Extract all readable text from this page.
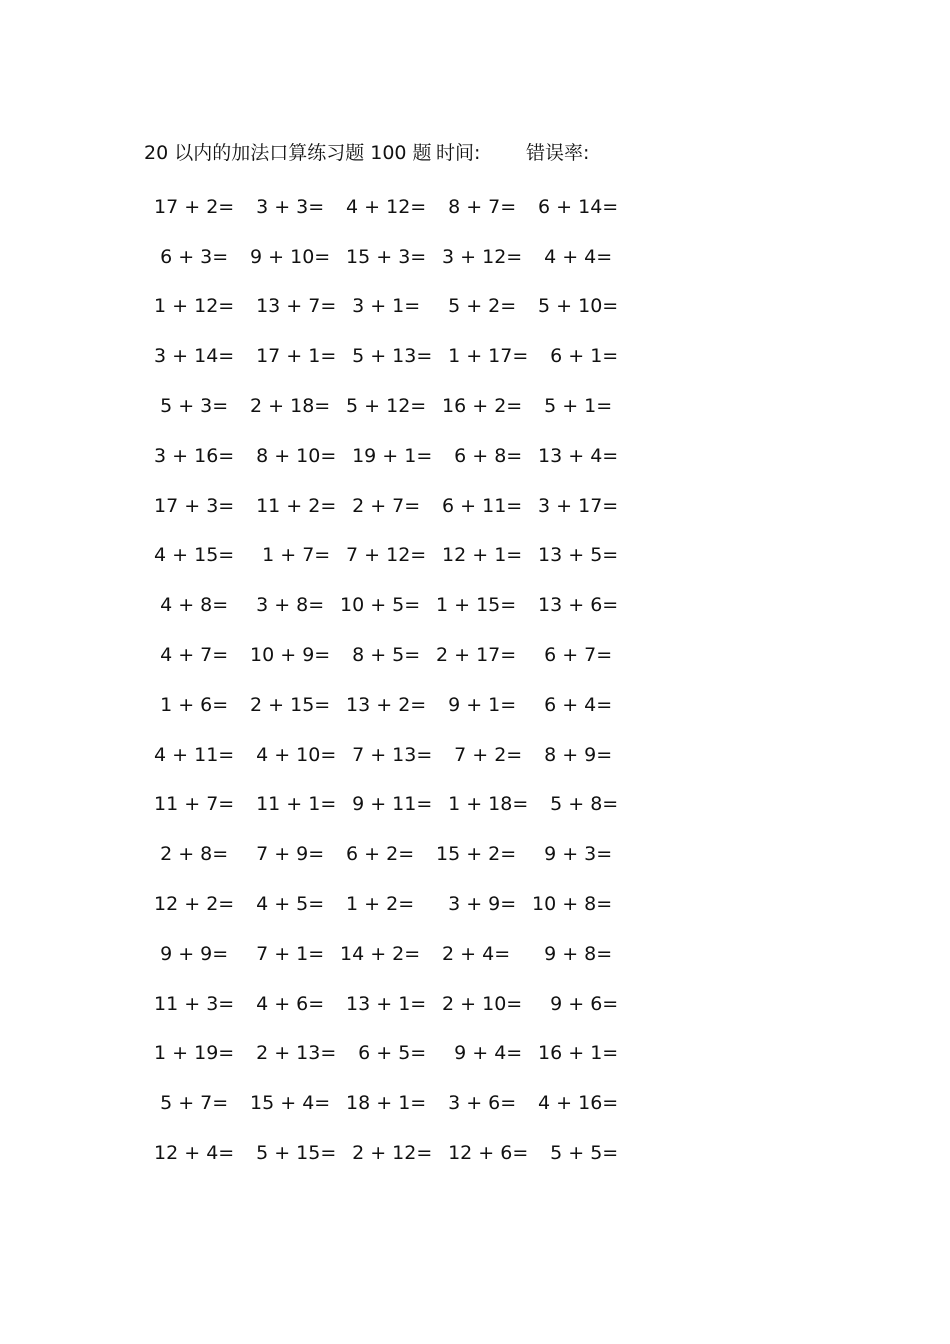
20 以内的加法口算练习题 100 题 时间: 错误率:
17 + 2= 3 + 3= 4 + 12= 8 + 7= 6 + 14=
6 + 3= 9 + 10= 15 + 3= 3 + 12= 4 + 4=
1 + 12= 13 + 7= 3 + 1= 5 + 2= 5 + 10=
3 + 14= 17 + 1= 5 + 13= 1 + 17= 6 + 1=
5 + 3= 2 + 18= 5 + 12= 16 + 2= 5 + 1=
3 + 16= 8 + 10= 19 + 1= 6 + 8= 13 + 4=
17 + 3= 11 + 2= 2 + 7= 6 + 11= 3 + 17=
4 + 15= 1 + 7= 7 + 12= 12 + 1= 13 + 5=
4 + 8= 3 + 8= 10 + 5= 1 + 15= 13 + 6=
4 + 7= 10 + 9= 8 + 5= 2 + 17= 6 + 7=
1 + 6= 2 + 15= 13 + 2= 9 + 1= 6 + 4=
4 + 11= 4 + 10= 7 + 13= 7 + 2= 8 + 9=
11 + 7= 11 + 1= 9 + 11= 1 + 18= 5 + 8=
2 + 8= 7 + 9= 6 + 2=	15 + 2= 9 + 3=
12 + 2= 4 + 5= 1 + 2=	3 + 9= 10 + 8=
9 + 9= 7 + 1= 14 + 2= 2 + 4=	9 + 8=
11 + 3= 4 + 6= 13 + 1= 2 + 10= 9 + 6=
1 + 19= 2 + 13= 6 + 5= 9 + 4= 16 + 1=
5 + 7= 15 + 4= 18 + 1= 3 + 6= 4 + 16=
12 + 4= 5 + 15= 2 + 12= 12 + 6= 5 + 5=
